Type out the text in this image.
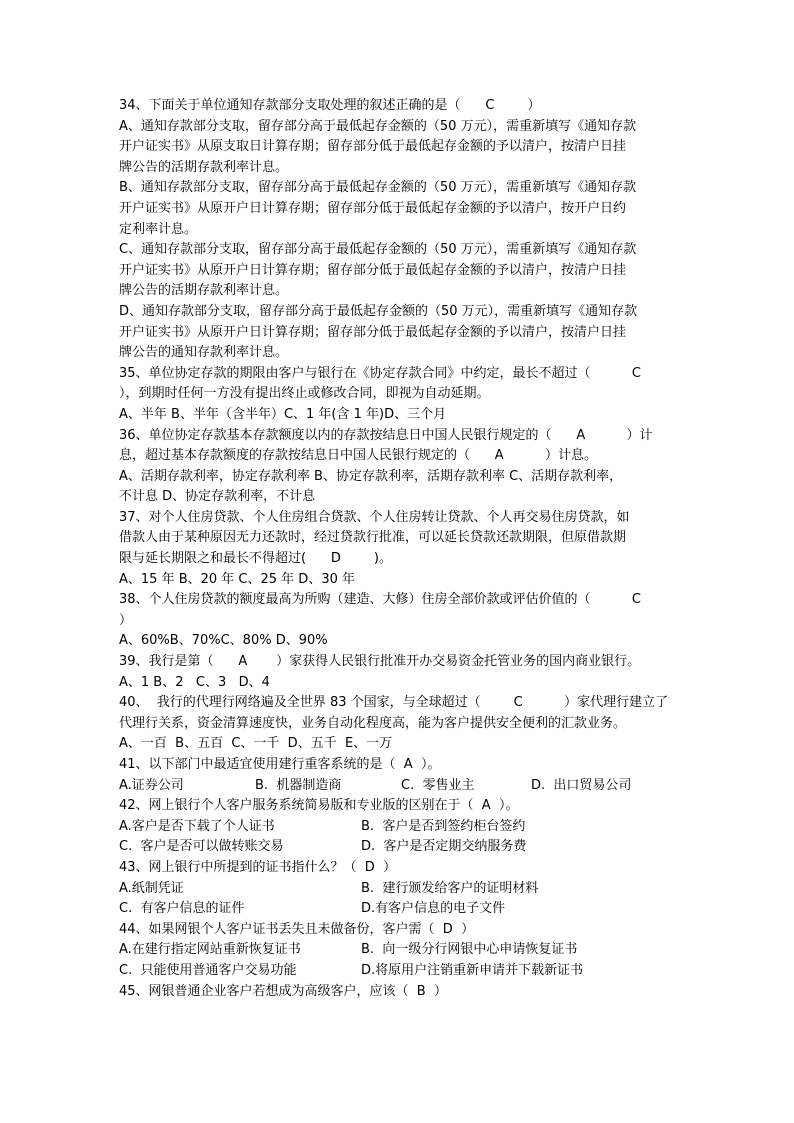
34、下面关于单位通知存款部分支取处理的叙述正确的是（      C        ）
A、通知存款部分支取，留存部分高于最低起存金额的（50 万元），需重新填写《通知存款
开户证实书》从原支取日计算存期；留存部分低于最低起存金额的予以清户，按清户日挂
牌公告的活期存款利率计息。
B、通知存款部分支取，留存部分高于最低起存金额的（50 万元），需重新填写《通知存款
开户证实书》从原开户日计算存期；留存部分低于最低起存金额的予以清户，按开户日约
定利率计息。
C、通知存款部分支取，留存部分高于最低起存金额的（50 万元），需重新填写《通知存款
开户证实书》从原开户日计算存期；留存部分低于最低起存金额的予以清户，按清户日挂
牌公告的活期存款利率计息。
D、通知存款部分支取，留存部分高于最低起存金额的（50 万元），需重新填写《通知存款
开户证实书》从原开户日计算存期；留存部分低于最低起存金额的予以清户，按清户日挂
牌公告的通知存款利率计息。
35、单位协定存款的期限由客户与银行在《协定存款合同》中约定，最长不超过（          C
），到期时任何一方没有提出终止或修改合同，即视为自动延期。
A、半年 B、半年（含半年）C、1 年(含 1 年)D、三个月
36、单位协定存款基本存款额度以内的存款按结息日中国人民银行规定的（      A          ）计
息，超过基本存款额度的存款按结息日中国人民银行规定的（      A          ）计息。
A、活期存款利率，协定存款利率 B、协定存款利率，活期存款利率 C、活期存款利率，
不计息 D、协定存款利率，不计息
37、对个人住房贷款、个人住房组合贷款、个人住房转让贷款、个人再交易住房贷款，如
借款人由于某种原因无力还款时，经过贷款行批准，可以延长贷款还款期限，但原借款期
限与延长期限之和最长不得超过(      D        )。
A、15 年 B、20 年 C、25 年 D、30 年
38、个人住房贷款的额度最高为所购（建造、大修）住房全部价款或评估价值的（          C
）
A、60%B、70%C、80% D、90%
39、我行是第（      A       ）家获得人民银行批准开办交易资金托管业务的国内商业银行。
A、1 B、2   C、3   D、4
40、  我行的代理行网络遍及全世界 83 个国家，与全球超过（        C          ）家代理行建立了
代理行关系，资金清算速度快，业务自动化程度高，能为客户提供安全便利的汇款业务。
A、一百  B、五百  C、一千  D、五千  E、一万
41、以下部门中最适宜使用建行重客系统的是（  A  ）。
A.证券公司	B.  机器制造商	C.  零售业主	D.  出口贸易公司
42、网上银行个人客户服务系统简易版和专业版的区别在于（  A  ）。
A.客户是否下载了个人证书	B.  客户是否到签约柜台签约
C.  客户是否可以做转账交易	D.  客户是否定期交纳服务费
43、网上银行中所提到的证书指什么？（  D  ）
A.纸制凭证	B.  建行颁发给客户的证明材料
C.  有客户信息的证件	D.有客户信息的电子文件
44、如果网银个人客户证书丢失且未做备份，客户需（  D  ）
A.在建行指定网站重新恢复证书	B.  向一级分行网银中心申请恢复证书
C.  只能使用普通客户交易功能	D.将原用户注销重新申请并下载新证书
45、网银普通企业客户若想成为高级客户，应该（  B  ）
